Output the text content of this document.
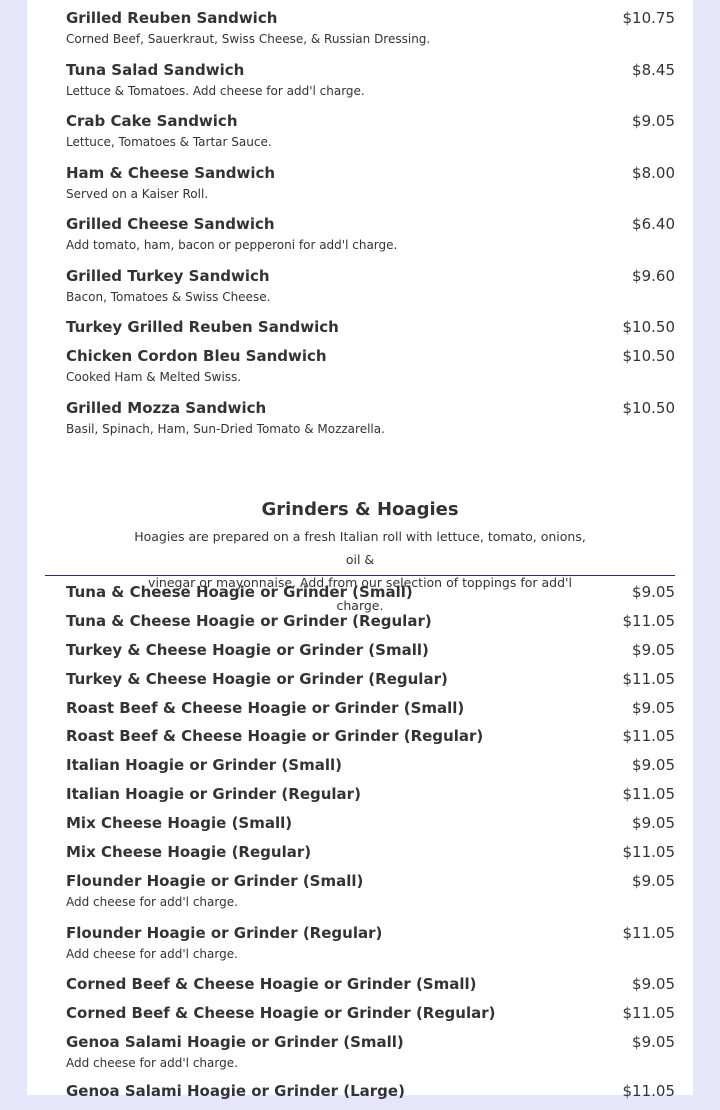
Grilled Reuben Sandwich	$10.75
Corned Beef, Sauerkraut, Swiss Cheese, & Russian Dressing.
Tuna Salad Sandwich	$8.45
Lettuce & Tomatoes. Add cheese for add'l charge.
Crab Cake Sandwich	$9.05
Lettuce, Tomatoes & Tartar Sauce.
Ham & Cheese Sandwich	$8.00
Served on a Kaiser Roll.
Grilled Cheese Sandwich	$6.40
Add tomato, ham, bacon or pepperoni for add'l charge.
Grilled Turkey Sandwich	$9.60
Bacon, Tomatoes & Swiss Cheese.
Turkey Grilled Reuben Sandwich	$10.50
Chicken Cordon Bleu Sandwich	$10.50
Cooked Ham & Melted Swiss.
Grilled Mozza Sandwich	$10.50
Basil, Spinach, Ham, Sun-Dried Tomato & Mozzarella.
Grinders & Hoagies
Hoagies are prepared on a fresh Italian roll with lettuce, tomato, onions, oil &
vinegar or mayonnaise. Add from our selection of toppings for add'l charge.
Tuna & Cheese Hoagie or Grinder (Small)	$9.05
Tuna & Cheese Hoagie or Grinder (Regular)	$11.05
Turkey & Cheese Hoagie or Grinder (Small)	$9.05
Turkey & Cheese Hoagie or Grinder (Regular)	$11.05
Roast Beef & Cheese Hoagie or Grinder (Small)	$9.05
Roast Beef & Cheese Hoagie or Grinder (Regular)	$11.05
Italian Hoagie or Grinder (Small)	$9.05
Italian Hoagie or Grinder (Regular)	$11.05
Mix Cheese Hoagie (Small)	$9.05
Mix Cheese Hoagie (Regular)	$11.05
Flounder Hoagie or Grinder (Small)	$9.05
Add cheese for add'l charge.
Flounder Hoagie or Grinder (Regular)	$11.05
Add cheese for add'l charge.
Corned Beef & Cheese Hoagie or Grinder (Small)	$9.05
Corned Beef & Cheese Hoagie or Grinder (Regular)	$11.05
Genoa Salami Hoagie or Grinder (Small)	$9.05
Add cheese for add'l charge.
Genoa Salami Hoagie or Grinder (Large)	$11.05
